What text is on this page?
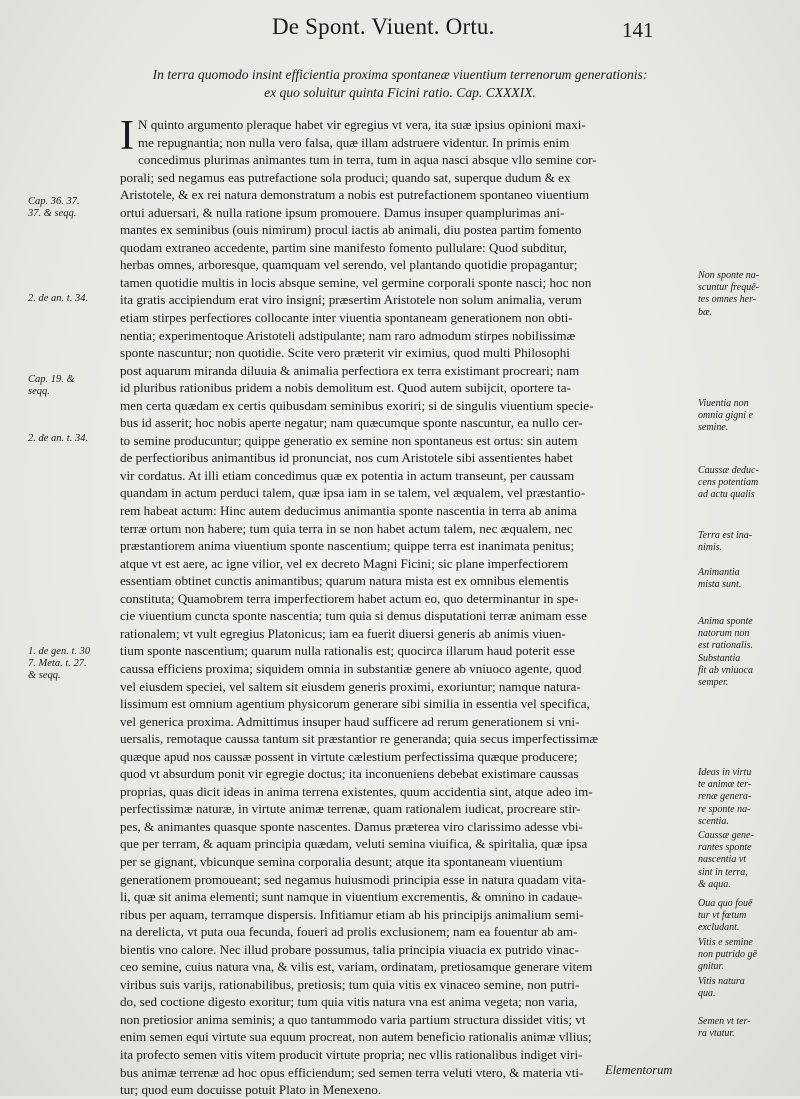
De Spont. Viuent. Ortu.	141
In terra quomodo insint efficientia proxima spontaneæ viuentium terrenorum generationis:
ex quo soluitur quinta Ficini ratio. Cap. CXXXIX.
I N quinto argumento pleraque habet vir egregius vt vera, ita suæ ipsius opinioni maxi-
me repugnantia; non nulla vero falsa, quæ illam adstruere videntur. In primis enim
concedimus plurimas animantes tum in terra, tum in aqua nasci absque vllo semine cor-
porali; sed negamus eas putrefactione sola produci; quando sat, superque dudum & ex
Aristotele, & ex rei natura demonstratum a nobis est putrefactionem spontaneo viuentium
ortui aduersari, & nulla ratione ipsum promouere. Damus insuper quamplurimas ani-
mantes ex seminibus (ouis nimirum) procul iactis ab animali, diu postea partim fomento
quodam extraneo accedente, partim sine manifesto fomento pullulare: Quod subditur,
herbas omnes, arboresque, quamquam vel serendo, vel plantando quotidie propagantur;
tamen quotidie multis in locis absque semine, vel germine corporali sponte nasci; hoc non
ita gratis accipiendum erat viro insigni; præsertim Aristotele non solum animalia, verum
etiam stirpes perfectiores collocante inter viuentia spontaneam generationem non obti-
nentia; experimentoque Aristoteli adstipulante; nam raro admodum stirpes nobilissimæ
sponte nascuntur; non quotidie. Scite vero præterit vir eximius, quod multi Philosophi
post aquarum miranda diluuia & animalia perfectiora ex terra existimant procreari; nam
id pluribus rationibus pridem a nobis demolitum est. Quod autem subijcit, oportere ta-
men certa quædam ex certis quibusdam seminibus exoriri; si de singulis viuentium specie-
bus id asserit; hoc nobis aperte negatur; nam quæcumque sponte nascuntur, ea nullo cer-
to semine producuntur; quippe generatio ex semine non spontaneus est ortus: sin autem
de perfectioribus animantibus id pronunciat, nos cum Aristotele sibi assentientes habet
vir cordatus. At illi etiam concedimus quæ ex potentia in actum transeunt, per caussam
quandam in actum perduci talem, quæ ipsa iam in se talem, vel æqualem, vel præstantio-
rem habeat actum: Hinc autem deducimus animantia sponte nascentia in terra ab anima
terræ ortum non habere; tum quia terra in se non habet actum talem, nec æqualem, nec
præstantiorem anima viuentium sponte nascentium; quippe terra est inanimata penitus;
atque vt est aere, ac igne vilior, vel ex decreto Magni Ficini; sic plane imperfectiorem
essentiam obtinet cunctis animantibus; quarum natura mista est ex omnibus elementis
constituta; Quamobrem terra imperfectiorem habet actum eo, quo determinantur in spe-
cie viuentium cuncta sponte nascentia; tum quia si demus disputationi terræ animam esse
rationalem; vt vult egregius Platonicus; iam ea fuerit diuersi generis ab animis viuen-
tium sponte nascentium; quarum nulla rationalis est; quocirca illarum haud poterit esse
caussa efficiens proxima; siquidem omnia in substantiæ genere ab vniuoco agente, quod
vel eiusdem speciei, vel saltem sit eiusdem generis proximi, exoriuntur; namque natura-
lissimum est omnium agentium physicorum generare sibi similia in essentia vel specifica,
vel generica proxima. Admittimus insuper haud sufficere ad rerum generationem si vni-
uersalis, remotaque caussa tantum sit præstantior re generanda; quia secus imperfectissimæ
quæque apud nos caussæ possent in virtute cælestium perfectissima quæque producere;
quod vt absurdum ponit vir egregie doctus; ita inconueniens debebat existimare caussas
proprias, quas dicit ideas in anima terrena existentes, quum accidentia sint, atque adeo im-
perfectissimæ naturæ, in virtute animæ terrenæ, quam rationalem iudicat, procreare stir-
pes, & animantes quasque sponte nascentes. Damus præterea viro clarissimo adesse vbi-
que per terram, & aquam principia quædam, veluti semina viuifica, & spiritalia, quæ ipsa
per se gignant, vbicunque semina corporalia desunt; atque ita spontaneam viuentium
generationem promoueant; sed negamus huiusmodi principia esse in natura quadam vita-
li, quæ sit anima elementi; sunt namque in viuentium excrementis, & omnino in cadaue-
ribus per aquam, terramque dispersis. Infitiamur etiam ab his principijs animalium semi-
na derelicta, vt puta oua fecunda, foueri ad prolis exclusionem; nam ea fouentur ab am-
bientis vno calore. Nec illud probare possumus, talia principia viuacia ex putrido vinac-
ceo semine, cuius natura vna, & vilis est, variam, ordinatam, pretiosamque generare vitem
viribus suis varijs, rationabilibus, pretiosis; tum quia vitis ex vinaceo semine, non putri-
do, sed coctione digesto exoritur; tum quia vitis natura vna est anima vegeta; non varia,
non pretiosior anima seminis; a quo tantummodo varia partium structura dissidet vitis; vt
enim semen equi virtute sua equum procreat, non autem beneficio rationalis animæ vllius;
ita profecto semen vitis vitem producit virtute propria; nec vllis rationalibus indiget viri-
bus animæ terrenæ ad hoc opus efficiendum; sed semen terra veluti vtero, & materia vti-
tur; quod eum docuisse potuit Plato in Menexeno.
Cap. 36. 37.
37. & seqq.
2. de an. t. 34.
Cap. 19. &
seqq.
2. de an. t. 34.
1. de gen. t. 30
7. Meta. t. 27.
& seqq.
Non sponte na-
scuntur frequē-
tes omnes her-
bæ.
Viuentia non
omnia gigni e
semine.
Caussæ deduc-
cens potentiam
ad actu qualis
Terra est ina-
nimis.
Animantia
mista sunt.
Anima sponte
natorum non
est rationalis.
Substantia
fit ab vniuoca
semper.
Ideas in virtu
te animæ ter-
renæ genera-
re sponte na-
scentia.
Caussæ gene-
rantes sponte
nascentia vt
sint in terra,
& aqua.
Oua quo fouē
tur vt fœtum
excludant.
Vitis e semine
non putrido gē
gnitur.
Vitis natura
qua.
Semen vt ter-
ra vtatur.
Elementorum
